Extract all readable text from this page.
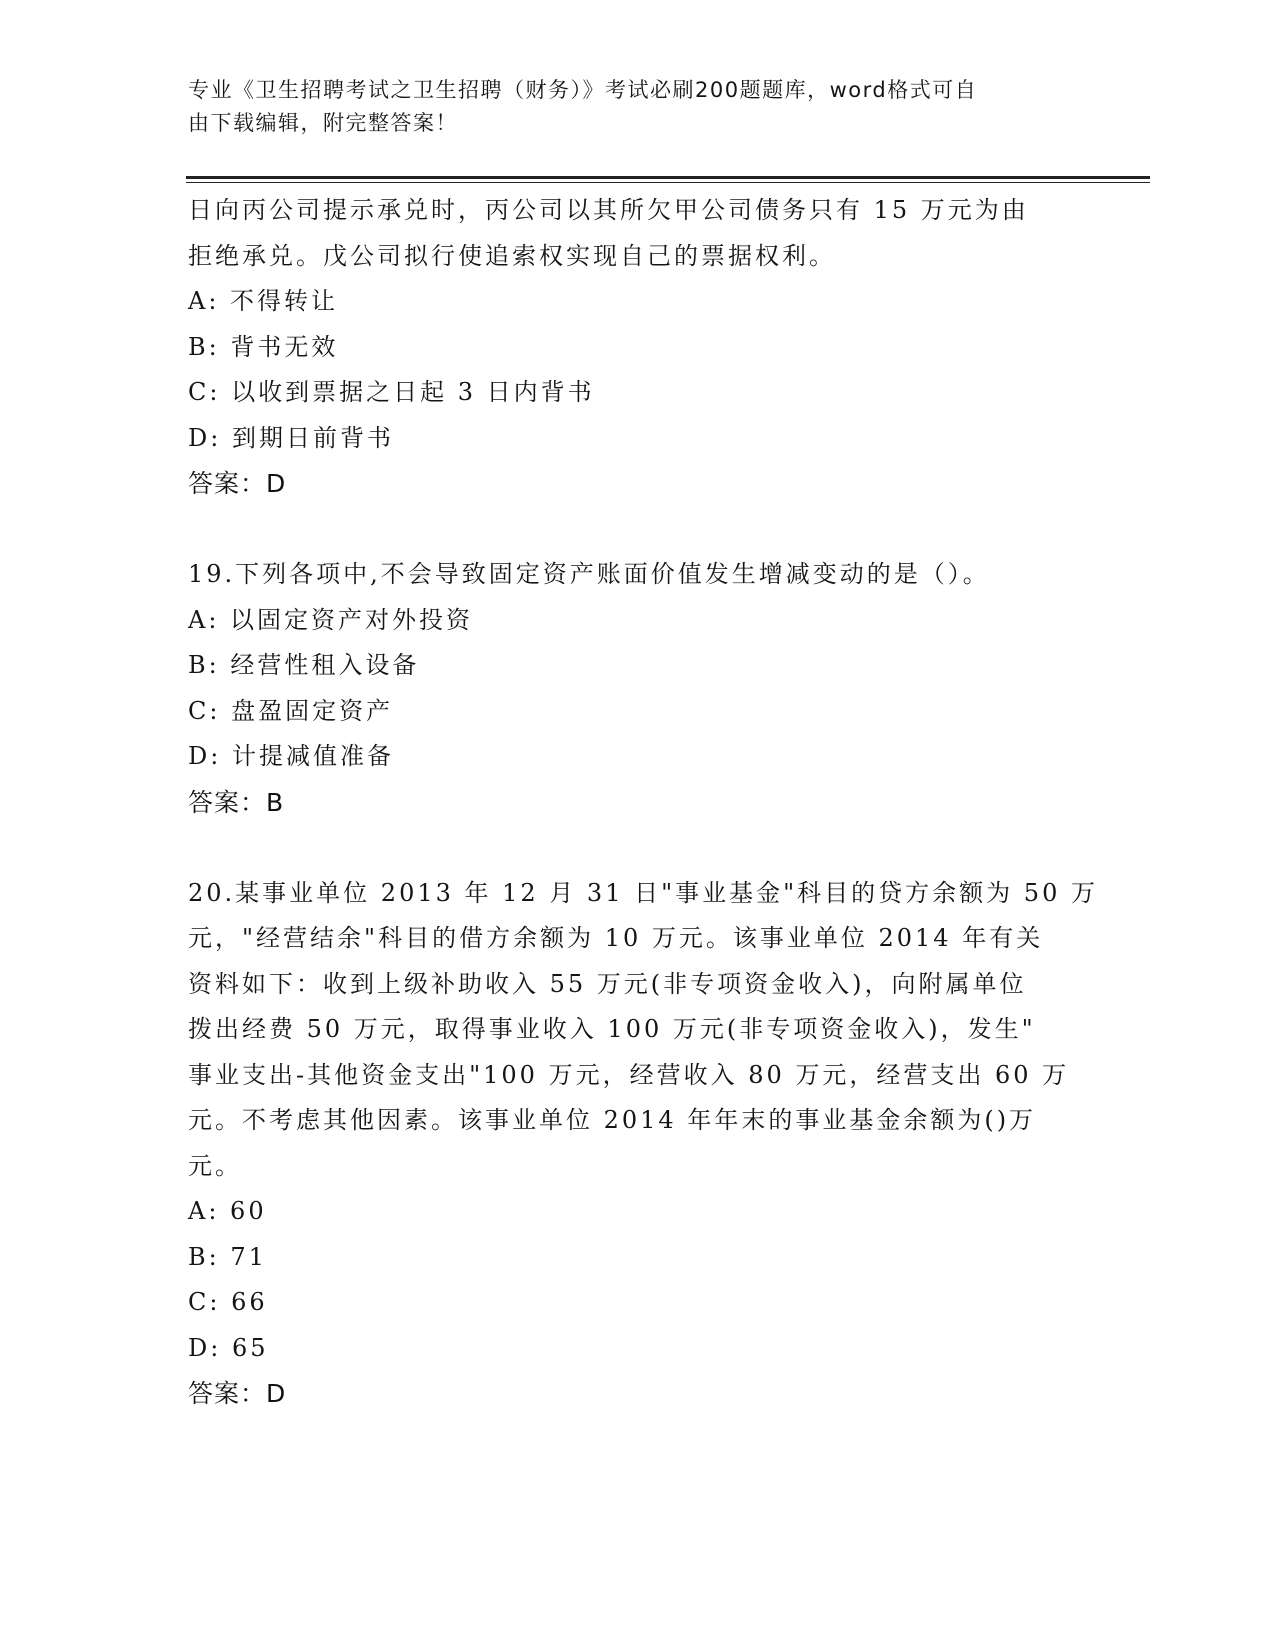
专业《卫生招聘考试之卫生招聘（财务）》考试必刷200题题库，word格式可自
由下载编辑，附完整答案！
日向丙公司提示承兑时，丙公司以其所欠甲公司债务只有 15 万元为由
拒绝承兑。戊公司拟行使追索权实现自己的票据权利。
A: 不得转让
B: 背书无效
C: 以收到票据之日起 3 日内背书
D: 到期日前背书
答案：D
19.下列各项中,不会导致固定资产账面价值发生增减变动的是（）。
A: 以固定资产对外投资
B: 经营性租入设备
C: 盘盈固定资产
D: 计提减值准备
答案：B
20.某事业单位 2013 年 12 月 31 日"事业基金"科目的贷方余额为 50 万
元，"经营结余"科目的借方余额为 10 万元。该事业单位 2014 年有关
资料如下：收到上级补助收入 55 万元(非专项资金收入)，向附属单位
拨出经费 50 万元，取得事业收入 100 万元(非专项资金收入)，发生"
事业支出-其他资金支出"100 万元，经营收入 80 万元，经营支出 60 万
元。不考虑其他因素。该事业单位 2014 年年末的事业基金余额为()万
元。
A: 60
B: 71
C: 66
D: 65
答案：D
